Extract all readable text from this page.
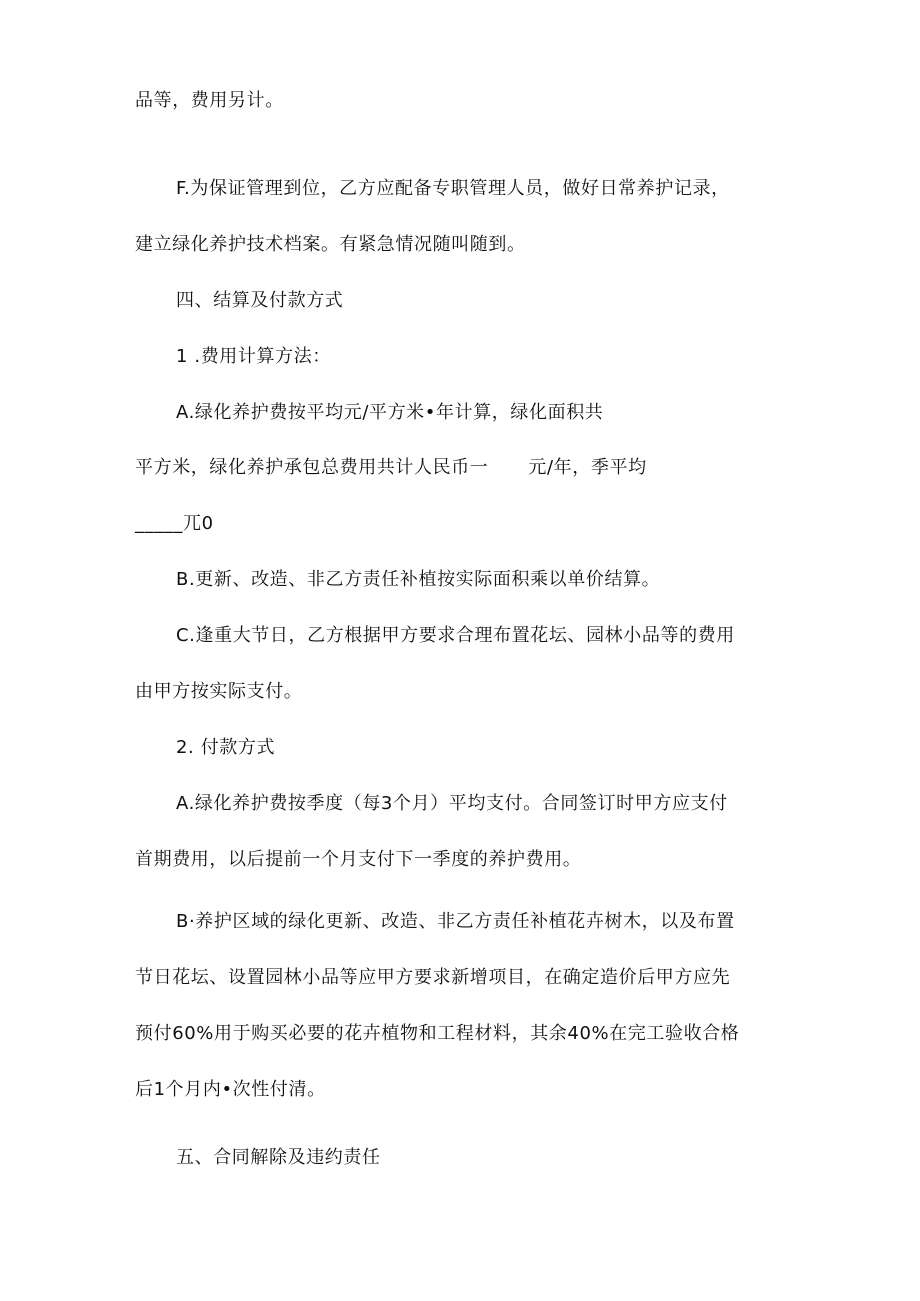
品等，费用另计。
F.为保证管理到位，乙方应配备专职管理人员，做好日常养护记录，
建立绿化养护技术档案。有紧急情况随叫随到。
四、结算及付款方式
1 .费用计算方法：
A.绿化养护费按平均元/平方米•年计算，绿化面积共
平方米，绿化养护承包总费用共计人民币一 元/年，季平均
_____兀0
B.更新、改造、非乙方责任补植按实际面积乘以单价结算。
C.逢重大节日，乙方根据甲方要求合理布置花坛、园林小品等的费用
由甲方按实际支付。
2. 付款方式
A.绿化养护费按季度（每3个月）平均支付。合同签订时甲方应支付
首期费用，以后提前一个月支付下一季度的养护费用。
B·养护区域的绿化更新、改造、非乙方责任补植花卉树木，以及布置
节日花坛、设置园林小品等应甲方要求新增项目，在确定造价后甲方应先
预付60%用于购买必要的花卉植物和工程材料，其余40%在完工验收合格
后1个月内•次性付清。
五、合同解除及违约责任
